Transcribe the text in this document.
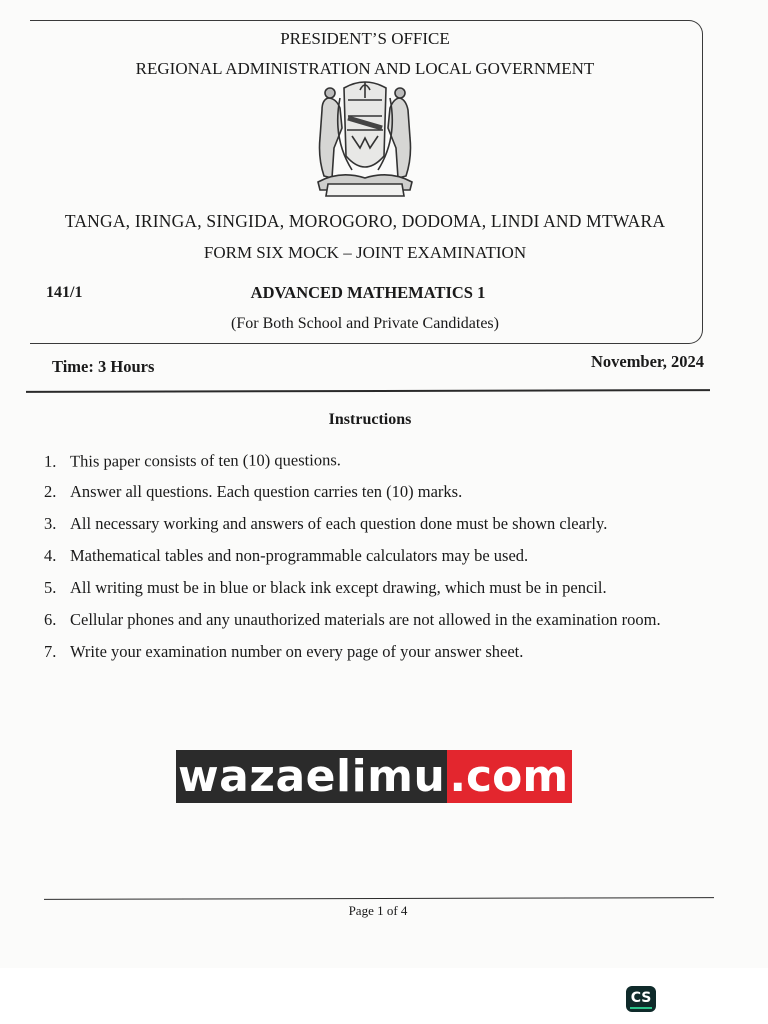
PRESIDENT’S OFFICE
REGIONAL ADMINISTRATION AND LOCAL GOVERNMENT
TANGA, IRINGA, SINGIDA, MOROGORO, DODOMA, LINDI AND MTWARA
FORM SIX MOCK – JOINT EXAMINATION
141/1	ADVANCED MATHEMATICS 1
(For Both School and Private Candidates)
Time: 3 Hours	November, 2024
Instructions
1. This paper consists of ten (10) questions.
2. Answer all questions. Each question carries ten (10) marks.
3. All necessary working and answers of each question done must be shown clearly.
4. Mathematical tables and non-programmable calculators may be used.
5. All writing must be in blue or black ink except drawing, which must be in pencil.
6. Cellular phones and any unauthorized materials are not allowed in the examination room.
7. Write your examination number on every page of your answer sheet.
wazaelimu .com
Page 1 of 4
CS
